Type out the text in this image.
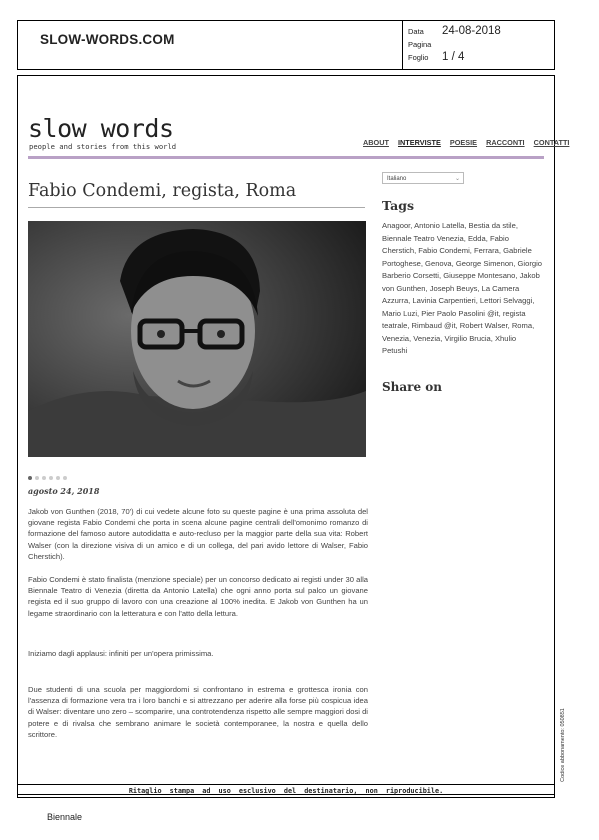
SLOW-WORDS.COM
Data 24-08-2018
Pagina
Foglio 1 / 4
slow words
people and stories from this world	ABOUT INTERVISTE POESIE RACCONTI CONTATTI
Fabio Condemi, regista, Roma
agosto 24, 2018
Jakob von Gunthen (2018, 70') di cui vedete alcune foto su queste pagine è una prima assoluta del giovane regista Fabio Condemi che porta in scena alcune pagine centrali dell'omonimo romanzo di formazione del famoso autore autodidatta e auto-recluso per la maggior parte della sua vita: Robert Walser (con la direzione visiva di un amico e di un collega, del pari avido lettore di Walser, Fabio Cherstich).
Fabio Condemi è stato finalista (menzione speciale) per un concorso dedicato ai registi under 30 alla Biennale Teatro di Venezia (diretta da Antonio Latella) che ogni anno porta sul palco un giovane regista ed il suo gruppo di lavoro con una creazione al 100% inedita. E Jakob von Gunthen ha un legame straordinario con la letteratura e con l'atto della lettura.
Iniziamo dagli applausi: infiniti per un'opera primissima.
Due studenti di una scuola per maggiordomi si confrontano in estrema e grottesca ironia con l'assenza di formazione vera tra i loro banchi e si attrezzano per aderire alla forse più cospicua idea di Walser: diventare uno zero – scomparire, una controtendenza rispetto alle sempre maggiori dosi di potere e di rivalsa che sembrano animare le società contemporanee, la nostra e quella dello scrittore.
Italiano	⌄
Tags
Anagoor, Antonio Latella, Bestia da stile, Biennale Teatro Venezia, Edda, Fabio Cherstich, Fabio Condemi, Ferrara, Gabriele Portoghese, Genova, George Simenon, Giorgio Barberio Corsetti, Giuseppe Montesano, Jakob von Gunthen, Joseph Beuys, La Camera Azzurra, Lavinia Carpentieri, Lettori Selvaggi, Mario Luzi, Pier Paolo Pasolini @it, regista teatrale, Rimbaud @it, Robert Walser, Roma, Venezia, Venezia, Virgilio Brucia, Xhulio Petushi
Share on
Ritaglio stampa ad uso esclusivo del destinatario, non riproducibile.
Codice abbonamento: 050851
Biennale
